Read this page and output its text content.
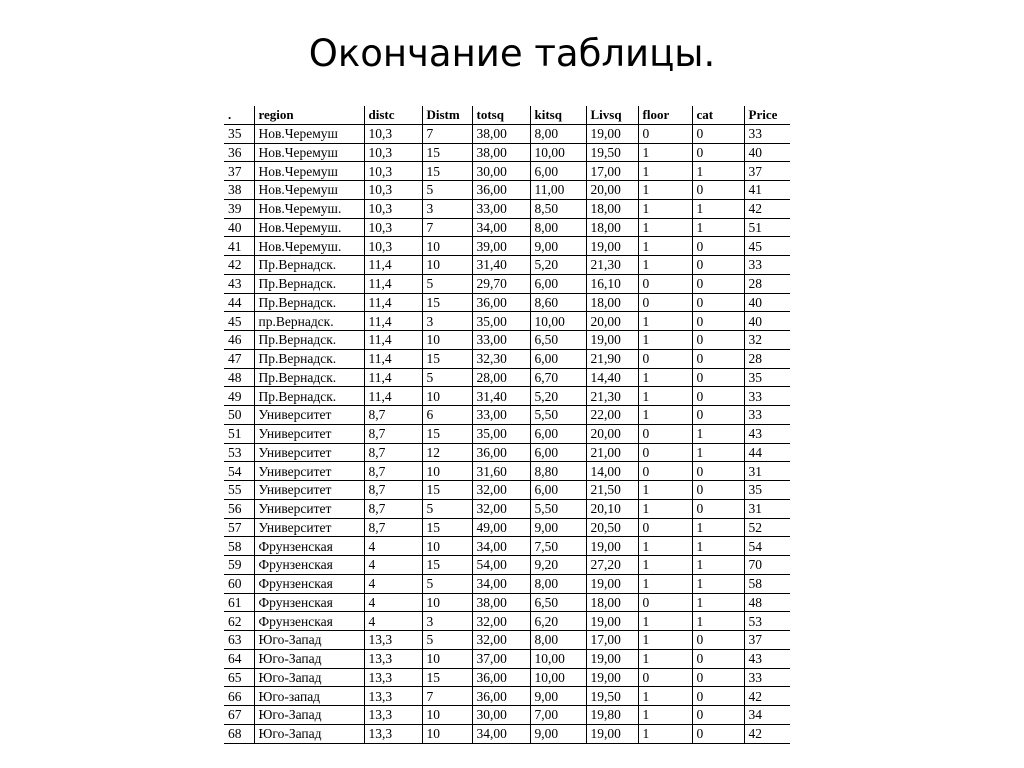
Окончание таблицы.
.	region	distc	Distm	totsq	kitsq	Livsq	floor	cat	Price
35	Нов.Черемуш	10,3	7	38,00	8,00	19,00	0	0	33
36	Нов.Черемуш	10,3	15	38,00	10,00	19,50	1	0	40
37	Нов.Черемуш	10,3	15	30,00	6,00	17,00	1	1	37
38	Нов.Черемуш	10,3	5	36,00	11,00	20,00	1	0	41
39	Нов.Черемуш.	10,3	3	33,00	8,50	18,00	1	1	42
40	Нов.Черемуш.	10,3	7	34,00	8,00	18,00	1	1	51
41	Нов.Черемуш.	10,3	10	39,00	9,00	19,00	1	0	45
42	Пр.Вернадск.	11,4	10	31,40	5,20	21,30	1	0	33
43	Пр.Вернадск.	11,4	5	29,70	6,00	16,10	0	0	28
44	Пр.Вернадск.	11,4	15	36,00	8,60	18,00	0	0	40
45	пр.Вернадск.	11,4	3	35,00	10,00	20,00	1	0	40
46	Пр.Вернадск.	11,4	10	33,00	6,50	19,00	1	0	32
47	Пр.Вернадск.	11,4	15	32,30	6,00	21,90	0	0	28
48	Пр.Вернадск.	11,4	5	28,00	6,70	14,40	1	0	35
49	Пр.Вернадск.	11,4	10	31,40	5,20	21,30	1	0	33
50	Университет	8,7	6	33,00	5,50	22,00	1	0	33
51	Университет	8,7	15	35,00	6,00	20,00	0	1	43
53	Университет	8,7	12	36,00	6,00	21,00	0	1	44
54	Университет	8,7	10	31,60	8,80	14,00	0	0	31
55	Университет	8,7	15	32,00	6,00	21,50	1	0	35
56	Университет	8,7	5	32,00	5,50	20,10	1	0	31
57	Университет	8,7	15	49,00	9,00	20,50	0	1	52
58	Фрунзенская	4	10	34,00	7,50	19,00	1	1	54
59	Фрунзенская	4	15	54,00	9,20	27,20	1	1	70
60	Фрунзенская	4	5	34,00	8,00	19,00	1	1	58
61	Фрунзенская	4	10	38,00	6,50	18,00	0	1	48
62	Фрунзенская	4	3	32,00	6,20	19,00	1	1	53
63	Юго-Запад	13,3	5	32,00	8,00	17,00	1	0	37
64	Юго-Запад	13,3	10	37,00	10,00	19,00	1	0	43
65	Юго-Запад	13,3	15	36,00	10,00	19,00	0	0	33
66	Юго-запад	13,3	7	36,00	9,00	19,50	1	0	42
67	Юго-Запад	13,3	10	30,00	7,00	19,80	1	0	34
68	Юго-Запад	13,3	10	34,00	9,00	19,00	1	0	42
